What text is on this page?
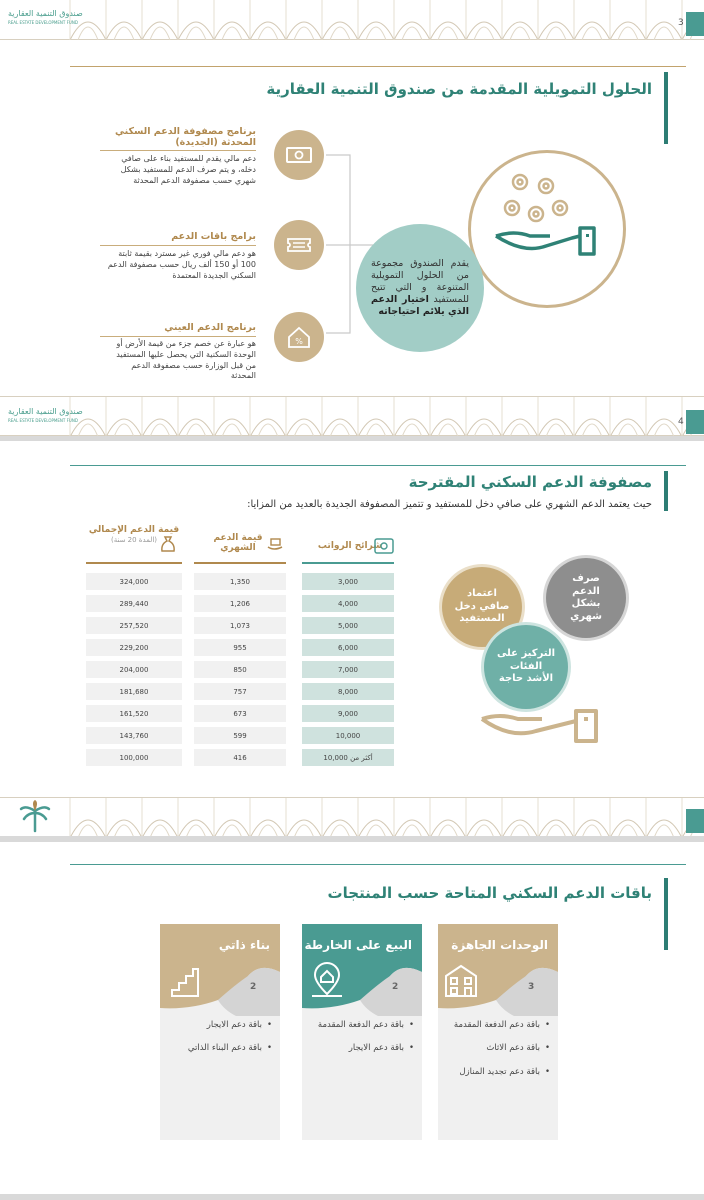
صندوق التنمية العقارية
REAL ESTATE DEVELOPMENT FUND	3
الحلول التمويلية المقدمة من صندوق التنمية العقارية
برنامج مصفوفة الدعم السكني المحدثة (الجديدة)
دعم مالي يقدم للمستفيد بناء على صافي دخله، و يتم صرف الدعم للمستفيد بشكل شهري حسب مصفوفة الدعم المحدثة
برامج باقات الدعم
هو دعم مالي فوري غير مسترد بقيمة ثابتة 100 أو 150 ألف ريال حسب مصفوفة الدعم السكني الجديدة المعتمدة
برنامج الدعم العيني
هو عبارة عن خصم جزء من قيمة الأرض أو الوحدة السكنية التي يحصل عليها المستفيد من قبل الوزارة حسب مصفوفة الدعم المحدثة
%
يقدم الصندوق مجموعة من الحلول التمويلية المتنوعة و التي تتيح للمستفيد اختيار الدعم الذي يلائم احتياجاته
صندوق التنمية العقارية
REAL ESTATE DEVELOPMENT FUND	4
مصفوفة الدعم السكني المقترحة
حيث يعتمد الدعم الشهري على صافي دخل للمستفيد و تتميز المصفوفة الجديدة بالعديد من المزايا:
شرائح الرواتب
قيمة الدعم الشهري
قيمة الدعم الإجمالي
(المدة 20 سنة)
3,000
1,350
324,000
4,000
1,206
289,440
5,000
1,073
257,520
6,000
955
229,200
7,000
850
204,000
8,000
757
181,680
9,000
673
161,520
10,000
599
143,760
أكثر من 10,000
416
100,000
صرف الدعم بشكل شهري
اعتماد صافي دخل المستفيد
التركيز على الفئات الأشد حاجة
باقات الدعم السكني المتاحة حسب المنتجات
الوحدات الجاهزة
3
• باقة دعم الدفعة المقدمة
• باقة دعم الاثاث
• باقة دعم تجديد المنازل
البيع على الخارطة
2
• باقة دعم الدفعة المقدمة
• باقة دعم الايجار
بناء ذاتي
2
• باقة دعم الايجار
• باقة دعم البناء الذاتي
